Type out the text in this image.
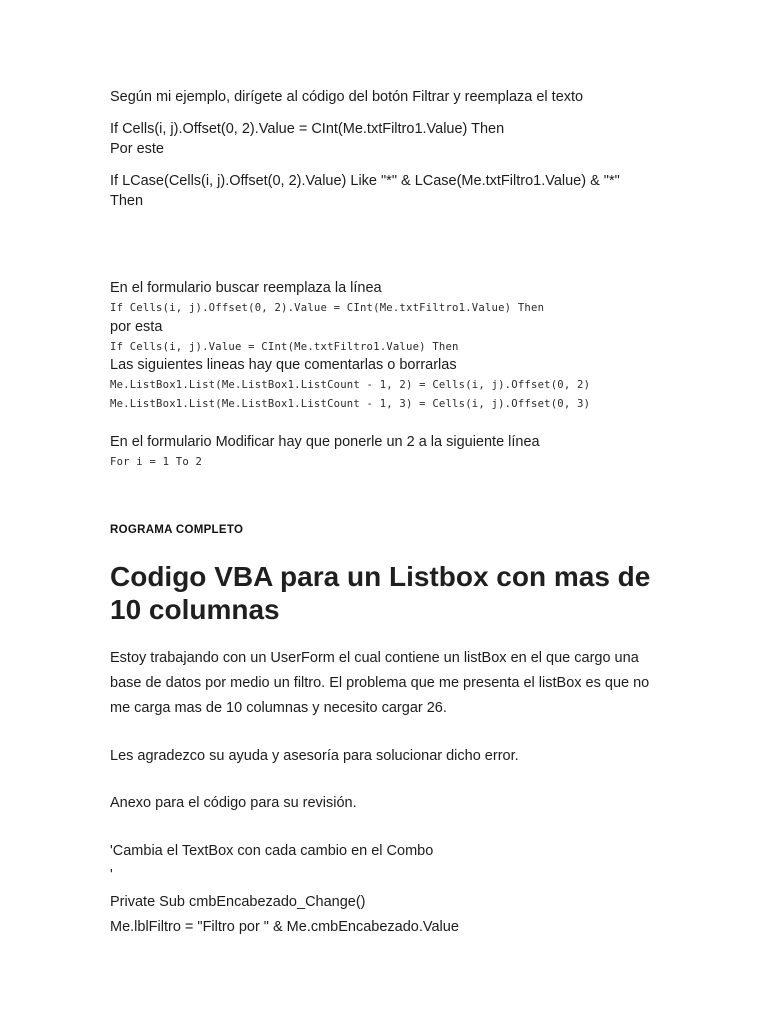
Según mi ejemplo, dirígete al código del botón Filtrar y reemplaza el texto
If Cells(i, j).Offset(0, 2).Value = CInt(Me.txtFiltro1.Value) Then
Por este
If LCase(Cells(i, j).Offset(0, 2).Value) Like "*" & LCase(Me.txtFiltro1.Value) & "*"
Then
En el formulario buscar reemplaza la línea
If Cells(i, j).Offset(0, 2).Value = CInt(Me.txtFiltro1.Value) Then
por esta
If Cells(i, j).Value = CInt(Me.txtFiltro1.Value) Then
Las siguientes lineas hay que comentarlas o borrarlas
Me.ListBox1.List(Me.ListBox1.ListCount - 1, 2) = Cells(i, j).Offset(0, 2)
Me.ListBox1.List(Me.ListBox1.ListCount - 1, 3) = Cells(i, j).Offset(0, 3)
En el formulario Modificar hay que ponerle un 2 a la siguiente línea
For i = 1 To 2
ROGRAMA COMPLETO
Codigo VBA para un Listbox con mas de 10 columnas
Estoy trabajando con un UserForm el cual contiene un listBox en el que cargo una base de datos por medio un filtro. El problema que me presenta el listBox es que no me carga mas de 10 columnas y necesito cargar 26.
Les agradezco su ayuda y asesoría para solucionar dicho error.
Anexo para el código para su revisión.
'Cambia el TextBox con cada cambio en el Combo
'
Private Sub cmbEncabezado_Change()
Me.lblFiltro = "Filtro por " & Me.cmbEncabezado.Value
